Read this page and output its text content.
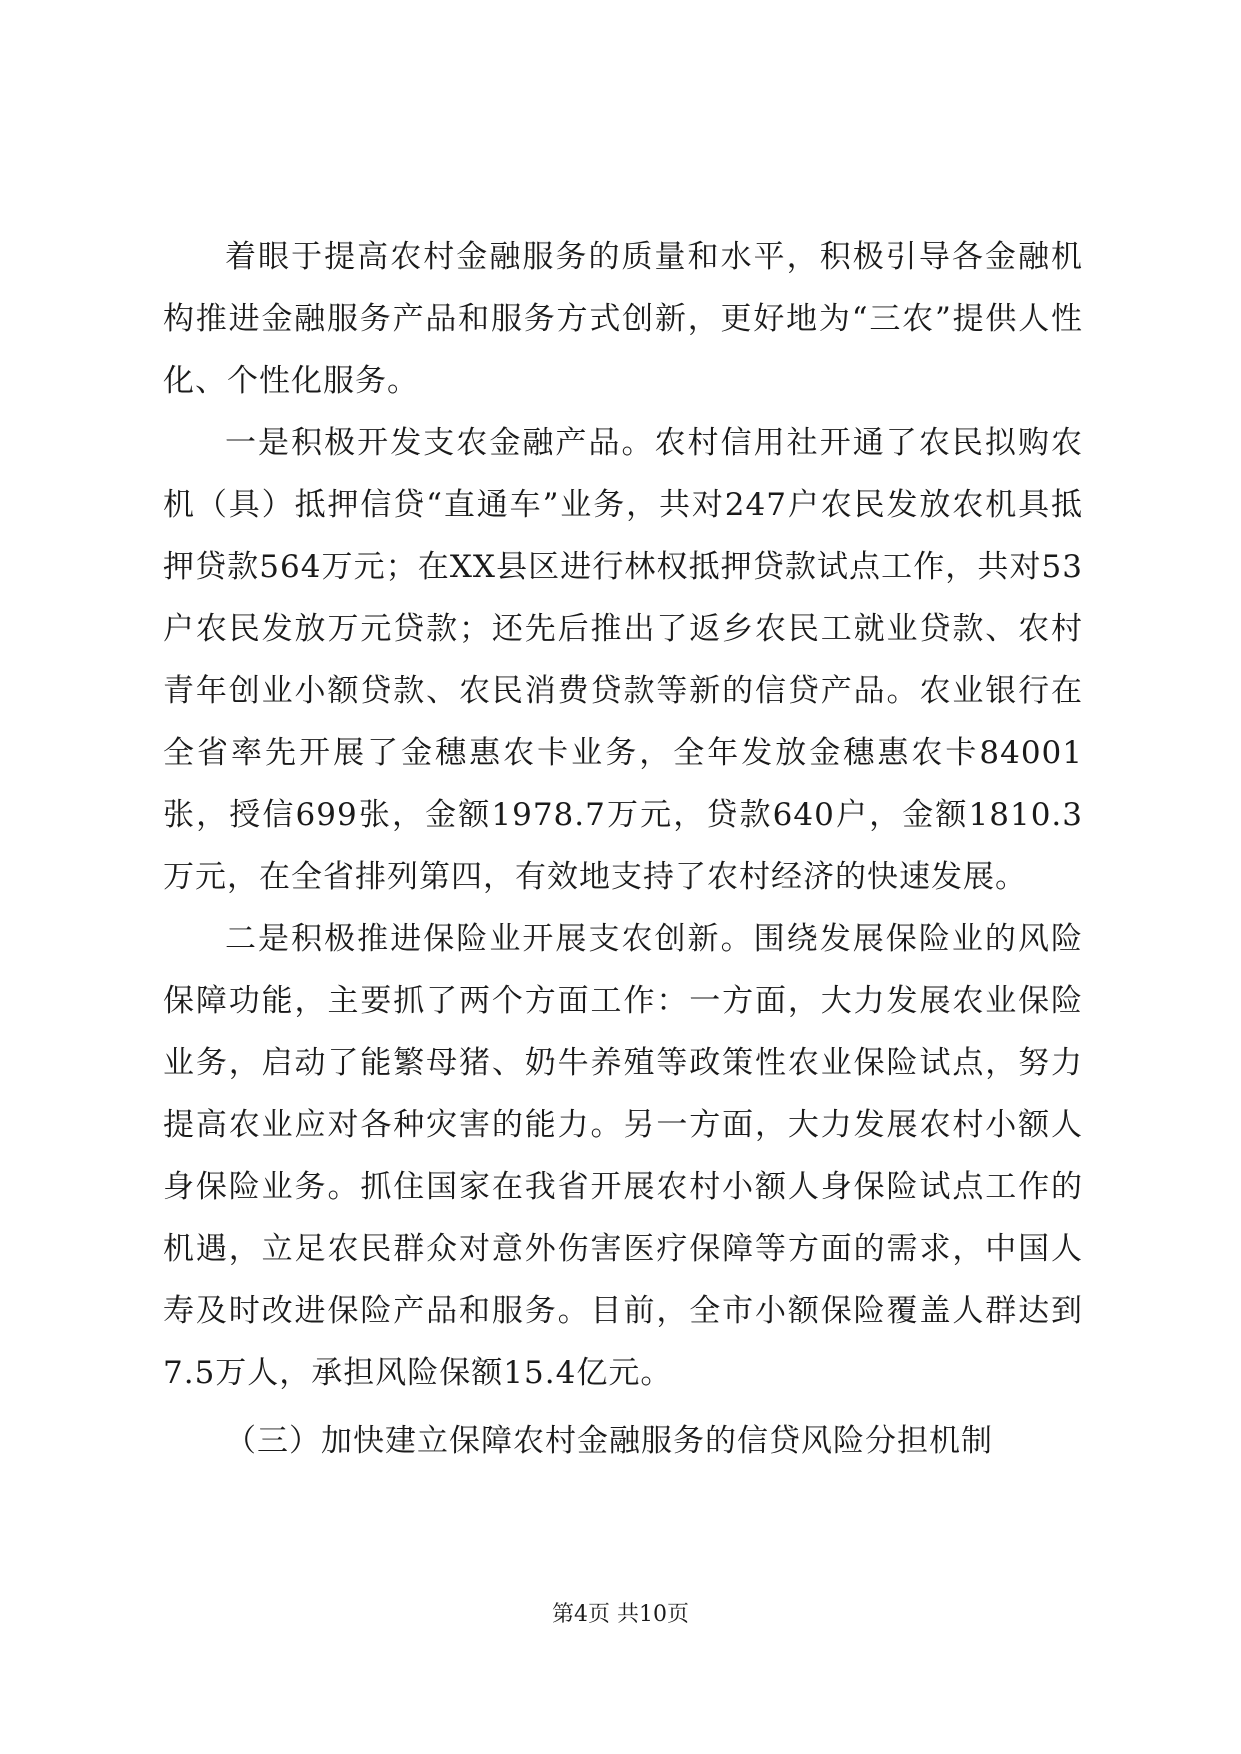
着眼于提高农村金融服务的质量和水平，积极引导各金融机构推进金融服务产品和服务方式创新，更好地为“三农”提供人性化、个性化服务。

一是积极开发支农金融产品。农村信用社开通了农民拟购农机（具）抵押信贷“直通车”业务，共对247户农民发放农机具抵押贷款564万元；在XX县区进行林权抵押贷款试点工作，共对53户农民发放万元贷款；还先后推出了返乡农民工就业贷款、农村青年创业小额贷款、农民消费贷款等新的信贷产品。农业银行在全省率先开展了金穗惠农卡业务，全年发放金穗惠农卡84001张，授信699张，金额1978.7万元，贷款640户，金额1810.3万元，在全省排列第四，有效地支持了农村经济的快速发展。

二是积极推进保险业开展支农创新。围绕发展保险业的风险保障功能，主要抓了两个方面工作：一方面，大力发展农业保险业务，启动了能繁母猪、奶牛养殖等政策性农业保险试点，努力提高农业应对各种灾害的能力。另一方面，大力发展农村小额人身保险业务。抓住国家在我省开展农村小额人身保险试点工作的机遇，立足农民群众对意外伤害医疗保障等方面的需求，中国人寿及时改进保险产品和服务。目前，全市小额保险覆盖人群达到7.5万人，承担风险保额15.4亿元。

（三）加快建立保障农村金融服务的信贷风险分担机制

第4页 共10页
